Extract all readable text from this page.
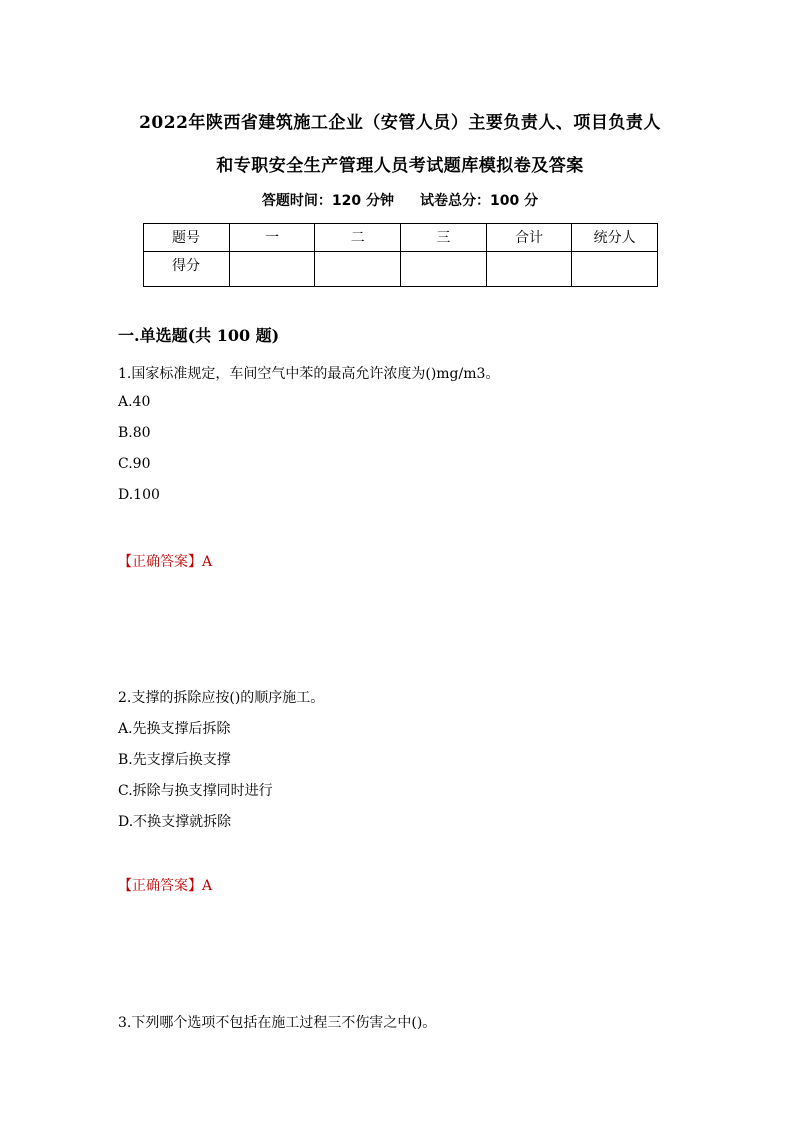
2022年陕西省建筑施工企业（安管人员）主要负责人、项目负责人
和专职安全生产管理人员考试题库模拟卷及答案
答题时间：120 分钟 试卷总分：100 分
题号	一	二	三	合计	统分人
得分					
一.单选题(共 100 题)
1.国家标准规定，车间空气中苯的最高允许浓度为()mg/m3。
A.40
B.80
C.90
D.100
【正确答案】A
2.支撑的拆除应按()的顺序施工。
A.先换支撑后拆除
B.先支撑后换支撑
C.拆除与换支撑同时进行
D.不换支撑就拆除
【正确答案】A
3.下列哪个选项不包括在施工过程三不伤害之中()。
